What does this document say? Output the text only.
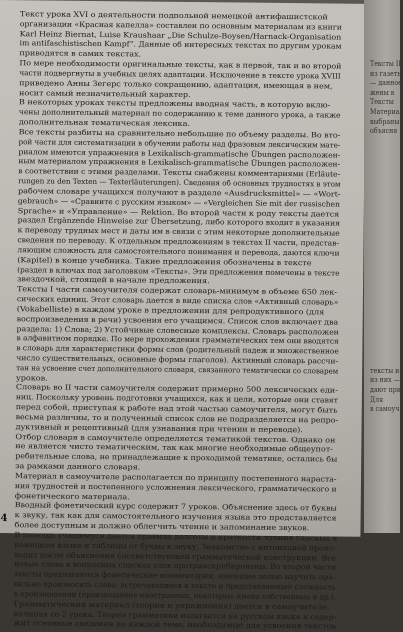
Текст урока XVI о деятельности подпольной немецкой антифашистской
организации «Красная капелла» составлен по основным материалам из книги
Karl Heinz Biernat, Luise Kraushaar „Die Schulze-Boysen/Harnack-Organisation
im antifaschistischen Kampf“. Данные об интересных текстах по другим урокам
приводятся в самих текстах.
По мере необходимости оригинальные тексты, как в первой, так и во второй
части подвергнуты в учебных целях адаптации. Исключение в тексте урока XVIII
приведено Анны Зегерс только сокращению, адаптация, имеющая в нем,
носит самый незначительный характер.
В некоторых уроках тексты предложены вводная часть, в которую вклю-
чены дополнительный материал по содержанию к теме данного урока, а также
дополнительная тематическая лексика.
Все тексты разбиты на сравнительно небольшие по объему разделы. Во вто-
рой части для систематизации в обучении работы над фразовым лексическим мате-
риалом имеются упражнения в Lexikalisch-grammatische Übungen расположен-
ным материалом упражнения в Lexikalisch-grammatische Übungen расположен-
в соответствии с этими разделами. Тексты снабжены комментариями (Erläute-
rungen zu den Texten — Texterläuterungen). Сведения об основных трудностях в этом
рабочем словаре учащихся получают в разделе «Ausdrucksmittel» — «Wort-
gebrauch» — «Сравните с русским языком» — «Vergleichen Sie mit der russischen
Sprache» и «Управление» — Rektion. Во второй части к роду тексты дается
раздел Ergänzende Hinweise zur Übersetzung, либо которого входит в указания
к переводу трудных мест и даты им в связи с этим некоторые дополнительные
сведения по переводу. К отдельным предложениям в текстах II части, представ-
ляющим сложность для самостоятельного понимания и перевода, даются ключи
(Kapitel) в конце учебника. Такие предложения обозначены в тексте
(раздел в ключах под заголовком «Тексты». Эти предложения помечены в тексте
звездочкой, стоящей в начале предложения.
Тексты I части самоучителя содержат словарь-минимум в объеме 650 лек-
сических единиц. Этот словарь дается в виде списка слов «Активный словарь»
(Vokabelliste) в каждом уроке в предложении для репродуктивного (для
воспроизведения в речи) усвоения его учащимся. Список слов включает два
раздела: 1) Слова; 2) Устойчивые словесные комплексы. Словарь расположен
в алфавитном порядке. По мере прохождения грамматических тем они вводятся
в словарь для характеристики формы слов (родительный падеж и множественное
число существительных, основные формы глаголов). Активный словарь рассчи-
тан на усвоение счет дополнительного словаря, связанного тематически со словарем
уроков.
Словарь во II части самоучителя содержит примерно 500 лексических еди-
ниц. Поскольку уровень подготовки учащихся, как и цели, которые они ставят
перед собой, приступая к работе над этой частью самоучителя, могут быть
весьма различны, то и полученный список слов не подразделяется на репро-
дуктивный и рецептивный (для узнавания при чтении и переводе).
Отбор словаря в самоучителе определяется тематикой текстов. Однако он
не является чисто тематическим, так как многие необходимые общеупот-
ребительные слова, не принадлежащие к проходимой тематике, остались бы
за рамками данного словаря.
Материал в самоучителе располагается по принципу постепенного нараста-
ния трудностей и постепенного усложнения лексического, грамматического и
фонетического материала.
Вводный фонетический курс содержит 7 уроков. Объяснение здесь от буквы
к звуку, так как для самостоятельного изучения языка это представляется
более доступным и должно облегчить чтение и запоминание звуков.
В помощь учащемуся дается правила долготы и краткости чтения гласных в
немецком языке и таблицы от буквы к звуку. Знакомство с интонацией проис-
ходит после объяснения соответствующей грамматической конструкции. Все
новые слова в вопросных списках слов протранскрибированы. Во второй части
тексты предлагаются фонетические комментарии, имеющие целью научить пра-
вильно произносить слова, встречающиеся в тексте и представляющие сложность
в произношении (произношение иностранных, некоторые имена собственные и др.).
Грамматический материал (теория и упражнения) дается в самоучителе,
начиная со 2 урока. Теория грамматики излагается на русском языке и содер-
жит основные сведения по каждой теме, необходимые для усвоения текстов
4
Тексты III
из газеты
— данное
жены в
Тексты
Материал
выбраны
объясня
тексты и
из них —
дают при
Для
в самоуч
